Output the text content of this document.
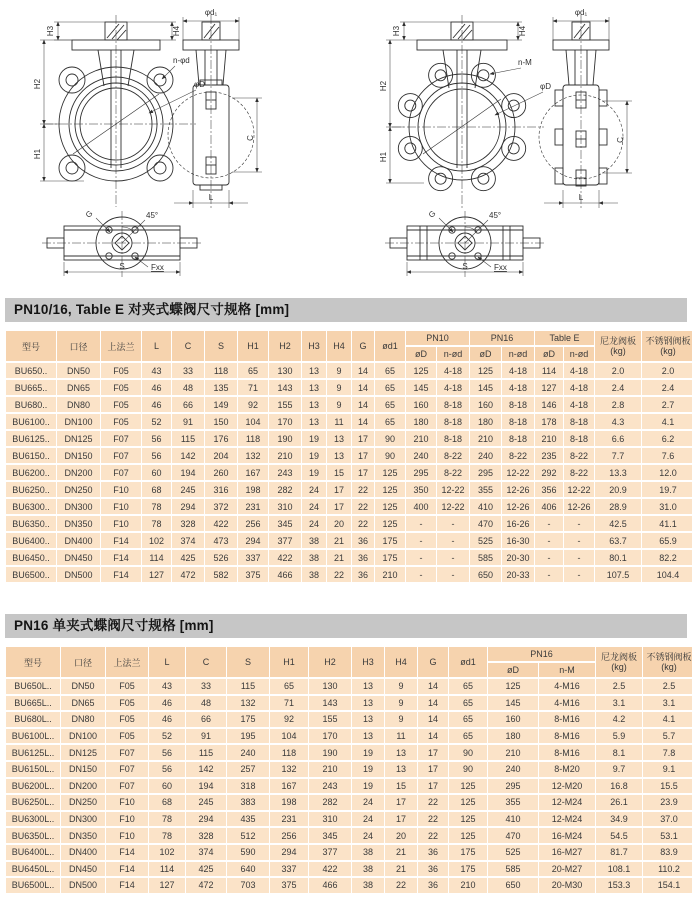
H2
H1
H3	H4
n-φd
φD
φd₁
C
L
G	45°
Fxx
S
H2
H1
H3	H4
n-M
φD
φd₁
C
L
G	45°
Fxx
S
PN10/16, Table E 对夹式蝶阀尺寸规格 [mm]
型号	口径	上法兰	L	C	S	H1	H2	H3	H4	G	ød1	PN10		PN16		Table E		尼龙阀板
(kg)	不锈钢阀板
(kg)
												øD	n-ød	øD	n-ød	øD	n-ød		
BU650..	DN50	F05	43	33	118	65	130	13	9	14	65	125	4-18	125	4-18	114	4-18	2.0	2.0
BU665..	DN65	F05	46	48	135	71	143	13	9	14	65	145	4-18	145	4-18	127	4-18	2.4	2.4
BU680..	DN80	F05	46	66	149	92	155	13	9	14	65	160	8-18	160	8-18	146	4-18	2.8	2.7
BU6100..	DN100	F05	52	91	150	104	170	13	11	14	65	180	8-18	180	8-18	178	8-18	4.3	4.1
BU6125..	DN125	F07	56	115	176	118	190	19	13	17	90	210	8-18	210	8-18	210	8-18	6.6	6.2
BU6150..	DN150	F07	56	142	204	132	210	19	13	17	90	240	8-22	240	8-22	235	8-22	7.7	7.6
BU6200..	DN200	F07	60	194	260	167	243	19	15	17	125	295	8-22	295	12-22	292	8-22	13.3	12.0
BU6250..	DN250	F10	68	245	316	198	282	24	17	22	125	350	12-22	355	12-26	356	12-22	20.9	19.7
BU6300..	DN300	F10	78	294	372	231	310	24	17	22	125	400	12-22	410	12-26	406	12-26	28.9	31.0
BU6350..	DN350	F10	78	328	422	256	345	24	20	22	125	-	-	470	16-26	-	-	42.5	41.1
BU6400..	DN400	F14	102	374	473	294	377	38	21	36	175	-	-	525	16-30	-	-	63.7	65.9
BU6450..	DN450	F14	114	425	526	337	422	38	21	36	175	-	-	585	20-30	-	-	80.1	82.2
BU6500..	DN500	F14	127	472	582	375	466	38	22	36	210	-	-	650	20-33	-	-	107.5	104.4
PN16 单夹式蝶阀尺寸规格 [mm]
型号	口径	上法兰	L	C	S	H1	H2	H3	H4	G	ød1	PN16		尼龙阀板
(kg)	不锈钢阀板
(kg)
												øD	n-M		
BU650L..	DN50	F05	43	33	115	65	130	13	9	14	65	125	4-M16	2.5	2.5
BU665L..	DN65	F05	46	48	132	71	143	13	9	14	65	145	4-M16	3.1	3.1
BU680L..	DN80	F05	46	66	175	92	155	13	9	14	65	160	8-M16	4.2	4.1
BU6100L..	DN100	F05	52	91	195	104	170	13	11	14	65	180	8-M16	5.9	5.7
BU6125L..	DN125	F07	56	115	240	118	190	19	13	17	90	210	8-M16	8.1	7.8
BU6150L..	DN150	F07	56	142	257	132	210	19	13	17	90	240	8-M20	9.7	9.1
BU6200L..	DN200	F07	60	194	318	167	243	19	15	17	125	295	12-M20	16.8	15.5
BU6250L..	DN250	F10	68	245	383	198	282	24	17	22	125	355	12-M24	26.1	23.9
BU6300L..	DN300	F10	78	294	435	231	310	24	17	22	125	410	12-M24	34.9	37.0
BU6350L..	DN350	F10	78	328	512	256	345	24	20	22	125	470	16-M24	54.5	53.1
BU6400L..	DN400	F14	102	374	590	294	377	38	21	36	175	525	16-M27	81.7	83.9
BU6450L..	DN450	F14	114	425	640	337	422	38	21	36	175	585	20-M27	108.1	110.2
BU6500L..	DN500	F14	127	472	703	375	466	38	22	36	210	650	20-M30	153.3	154.1
